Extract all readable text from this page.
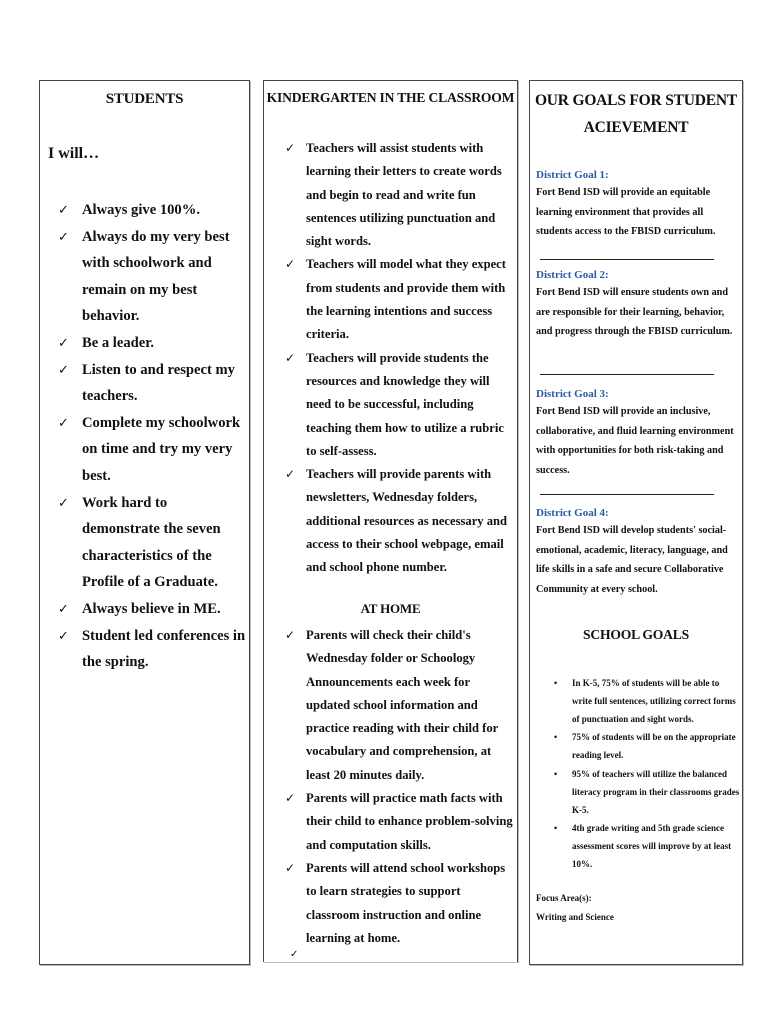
STUDENTS
I will…
✓ Always give 100%.
✓ Always do my very best with schoolwork and remain on my best behavior.
✓ Be a leader.
✓ Listen to and respect my teachers.
✓ Complete my schoolwork on time and try my very best.
✓ Work hard to demonstrate the seven characteristics of the Profile of a Graduate.
✓ Always believe in ME.
✓ Student led conferences in the spring.
KINDERGARTEN IN THE CLASSROOM
✓ Teachers will assist students with learning their letters to create words and begin to read and write fun sentences utilizing punctuation and sight words.
✓ Teachers will model what they expect from students and provide them with the learning intentions and success criteria.
✓ Teachers will provide students the resources and knowledge they will need to be successful, including teaching them how to utilize a rubric to self-assess.
✓ Teachers will provide parents with newsletters, Wednesday folders, additional resources as necessary and access to their school webpage, email and school phone number.
AT HOME
✓ Parents will check their child's Wednesday folder or Schoology Announcements each week for updated school information and practice reading with their child for vocabulary and comprehension, at least 20 minutes daily.
✓ Parents will practice math facts with their child to enhance problem-solving and computation skills.
✓ Parents will attend school workshops to learn strategies to support classroom instruction and online learning at home.
✓
OUR GOALS FOR STUDENT ACIEVEMENT
District Goal 1:
Fort Bend ISD will provide an equitable learning environment that provides all students access to the FBISD curriculum.
District Goal 2:
Fort Bend ISD will ensure students own and are responsible for their learning, behavior, and progress through the FBISD curriculum.
District Goal 3:
Fort Bend ISD will provide an inclusive, collaborative, and fluid learning environment with opportunities for both risk-taking and success.
District Goal 4:
Fort Bend ISD will develop students' social-emotional, academic, literacy, language, and life skills in a safe and secure Collaborative Community at every school.
SCHOOL GOALS
• In K-5, 75% of students will be able to write full sentences, utilizing correct forms of punctuation and sight words.
• 75% of students will be on the appropriate reading level.
• 95% of teachers will utilize the balanced literacy program in their classrooms grades K-5.
• 4th grade writing and 5th grade science assessment scores will improve by at least 10%.
Focus Area(s):
Writing and Science
